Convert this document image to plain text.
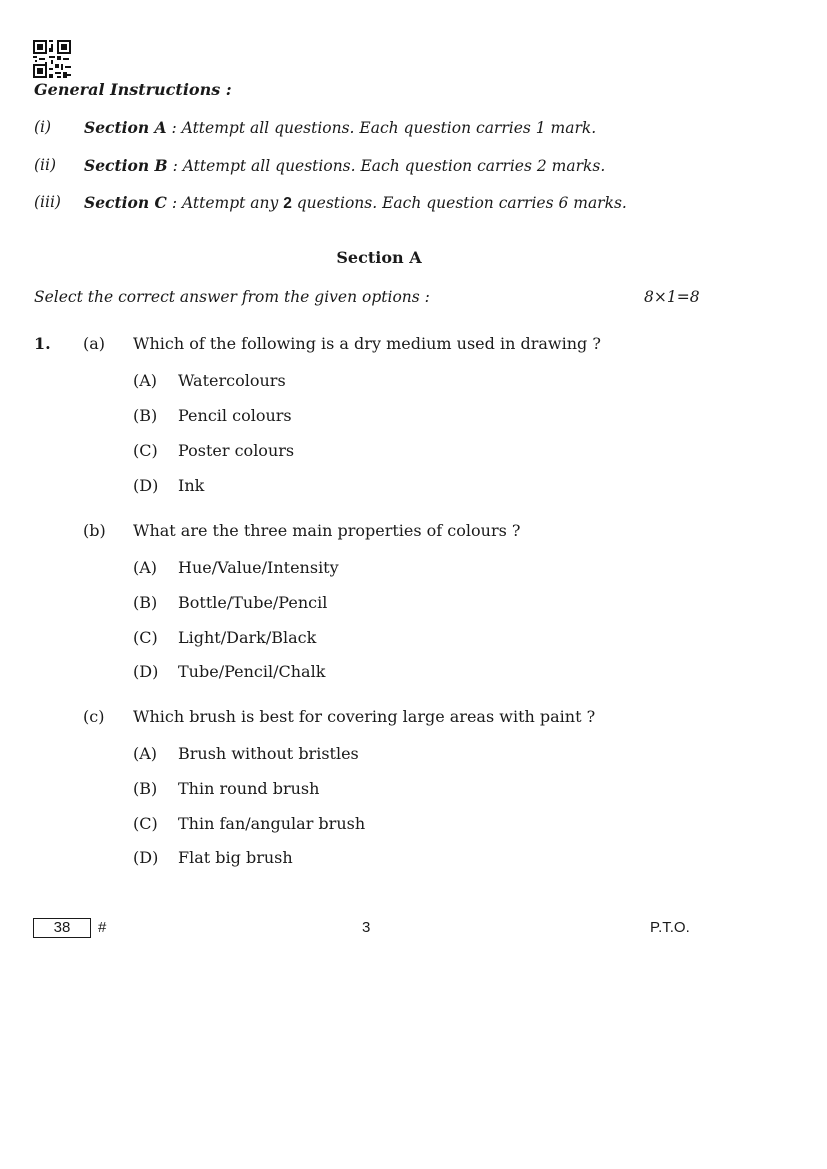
General Instructions :
(i) Section A : Attempt all questions. Each question carries 1 mark.
(ii) Section B : Attempt all questions. Each question carries 2 marks.
(iii) Section C : Attempt any 2 questions. Each question carries 6 marks.
Section A
Select the correct answer from the given options :	8×1=8
1. (a) Which of the following is a dry medium used in drawing ?
(A) Watercolours
(B) Pencil colours
(C) Poster colours
(D) Ink
(b) What are the three main properties of colours ?
(A) Hue/Value/Intensity
(B) Bottle/Tube/Pencil
(C) Light/Dark/Black
(D) Tube/Pencil/Chalk
(c) Which brush is best for covering large areas with paint ?
(A) Brush without bristles
(B) Thin round brush
(C) Thin fan/angular brush
(D) Flat big brush
38	#	3	P.T.O.
